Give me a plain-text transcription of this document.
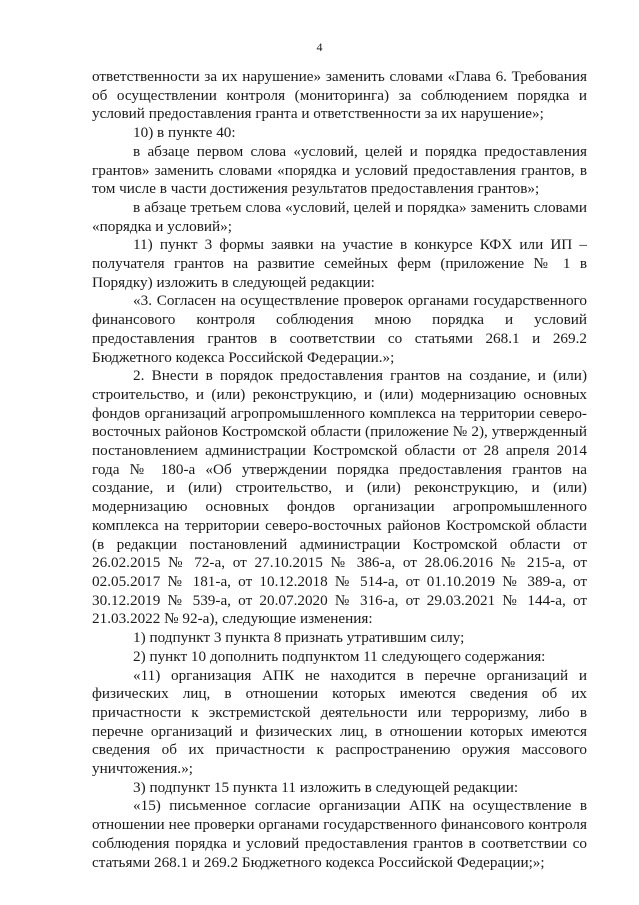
4

ответственности за их нарушение» заменить словами «Глава 6. Требования об осуществлении контроля (мониторинга) за соблюдением порядка и условий предоставления гранта и ответственности за их нарушение»;

10) в пункте 40:

в абзаце первом слова «условий, целей и порядка предоставления грантов» заменить словами «порядка и условий предоставления грантов, в том числе в части достижения результатов предоставления грантов»;

в абзаце третьем слова «условий, целей и порядка» заменить словами «порядка и условий»;

11) пункт 3 формы заявки на участие в конкурсе КФХ или ИП – получателя грантов на развитие семейных ферм (приложение № 1 в Порядку) изложить в следующей редакции:

«3. Согласен на осуществление проверок органами государственного финансового контроля соблюдения мною порядка и условий предоставления грантов в соответствии со статьями 268.1 и 269.2 Бюджетного кодекса Российской Федерации.»;

2. Внести в порядок предоставления грантов на создание, и (или) строительство, и (или) реконструкцию, и (или) модернизацию основных фондов организаций агропромышленного комплекса на территории северо-восточных районов Костромской области (приложение № 2), утвержденный постановлением администрации Костромской области от 28 апреля 2014 года № 180-а «Об утверждении порядка предоставления грантов на создание, и (или) строительство, и (или) реконструкцию, и (или) модернизацию основных фондов организации агропромышленного комплекса на территории северо-восточных районов Костромской области (в редакции постановлений администрации Костромской области от 26.02.2015 № 72-а, от 27.10.2015 № 386-а, от 28.06.2016 № 215-а, от 02.05.2017 № 181-а, от 10.12.2018 № 514-а, от 01.10.2019 № 389-а, от 30.12.2019 № 539-а, от 20.07.2020 № 316-а, от 29.03.2021 № 144-а, от 21.03.2022 № 92-а), следующие изменения:

1) подпункт 3 пункта 8 признать утратившим силу;

2) пункт 10 дополнить подпунктом 11 следующего содержания:

«11) организация АПК не находится в перечне организаций и физических лиц, в отношении которых имеются сведения об их причастности к экстремистской деятельности или терроризму, либо в перечне организаций и физических лиц, в отношении которых имеются сведения об их причастности к распространению оружия массового уничтожения.»;

3) подпункт 15 пункта 11 изложить в следующей редакции:

«15) письменное согласие организации АПК на осуществление в отношении нее проверки органами государственного финансового контроля соблюдения порядка и условий предоставления грантов в соответствии со статьями 268.1 и 269.2 Бюджетного кодекса Российской Федерации;»;
